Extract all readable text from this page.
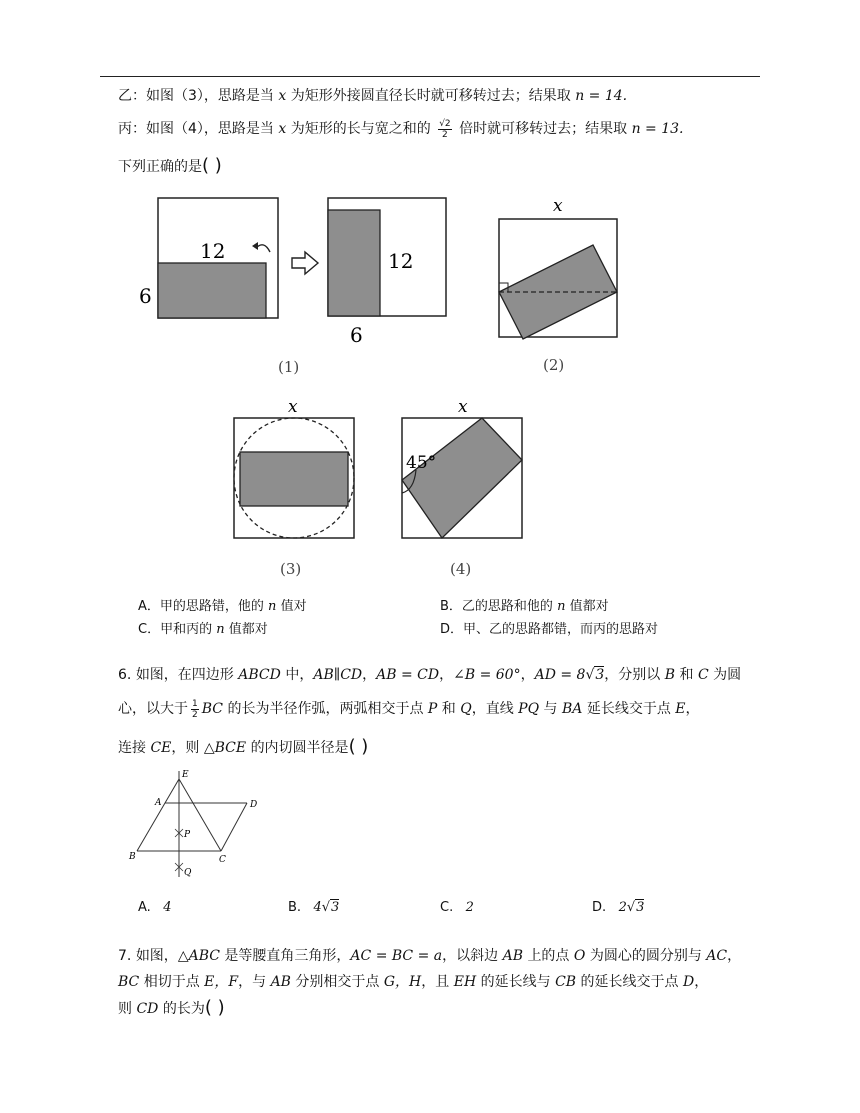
乙：如图（3），思路是当 x 为矩形外接圆直径长时就可移转过去；结果取 n = 14.
丙：如图（4），思路是当 x 为矩形的长与宽之和的 $\frac{√2}{2}$ 倍时就可移转过去；结果取 n = 13.
下列正确的是( )
12
6
12
6
(1)
x
(2)
x
(3)
x
45°
(4)
A．甲的思路错，他的 n 值对	B．乙的思路和他的 n 值都对
C．甲和丙的 n 值都对	D．甲、乙的思路都错，而丙的思路对
6. 如图，在四边形 ABCD 中，AB∥CD，AB = CD，∠B = 60°，AD = 8√3，分别以 B 和 C 为圆
心，以大于 $\frac{1}{2}$ BC 的长为半径作弧，两弧相交于点 P 和 Q，直线 PQ 与 BA 延长线交于点 E，
连接 CE，则 △BCE 的内切圆半径是( )
E
A	D
P
B	C
Q
A. 4	B. 4√3	C. 2	D. 2√3
7. 如图，△ABC 是等腰直角三角形，AC = BC = a，以斜边 AB 上的点 O 为圆心的圆分别与 AC，
BC 相切于点 E，F，与 AB 分别相交于点 G，H，且 EH 的延长线与 CB 的延长线交于点 D，
则 CD 的长为( )
